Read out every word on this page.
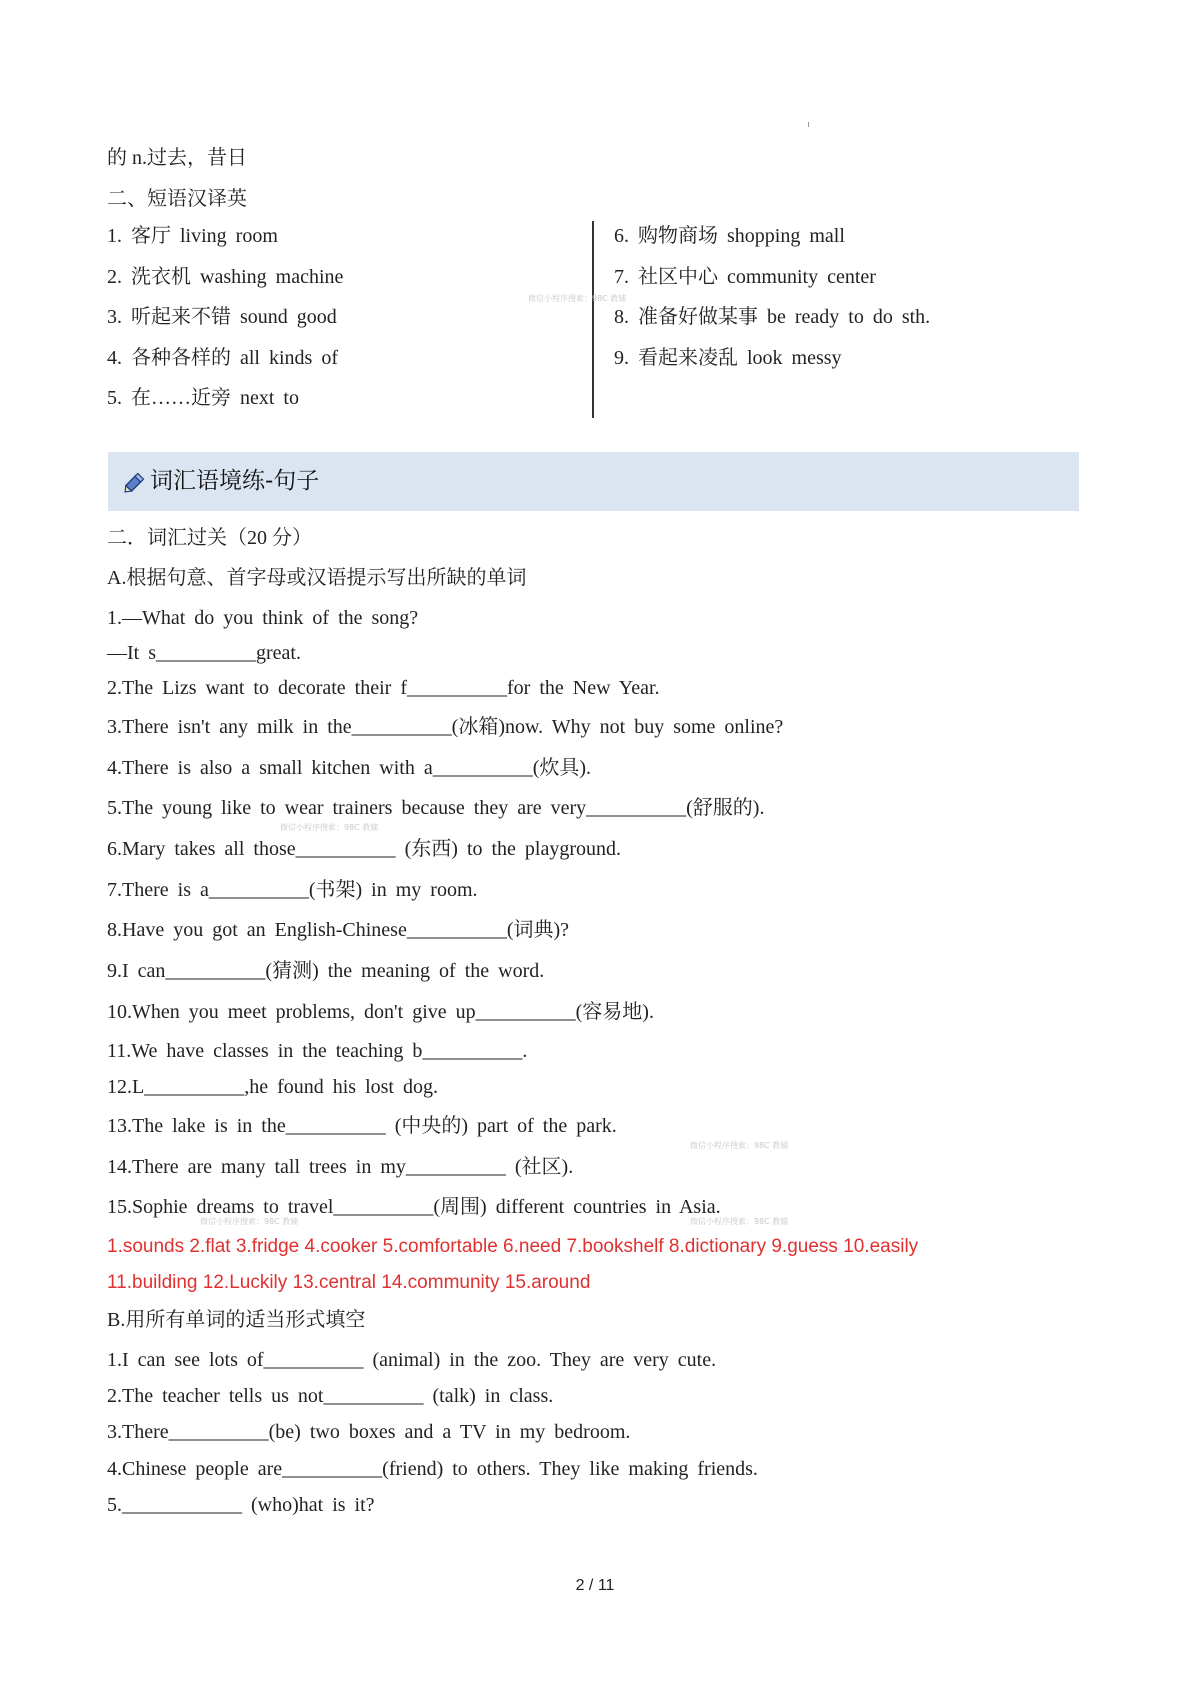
的 n.过去，昔日
二、短语汉译英
1. 客厅 living room
2. 洗衣机 washing machine
3. 听起来不错 sound good
4. 各种各样的 all kinds of
5. 在……近旁 next to
6. 购物商场 shopping mall
7. 社区中心 community center
8. 准备好做某事 be ready to do sth.
9. 看起来凌乱 look messy
词汇语境练-句子
二．词汇过关（20 分）
A.根据句意、首字母或汉语提示写出所缺的单词
1.—What do you think of the song?
—It s__________great.
2.The Lizs want to decorate their f__________for the New Year.
3.There isn't any milk in the__________(冰箱)now. Why not buy some online?
4.There is also a small kitchen with a__________(炊具).
5.The young like to wear trainers because they are very__________(舒服的).
6.Mary takes all those__________ (东西) to the playground.
7.There is a__________(书架) in my room.
8.Have you got an English-Chinese__________(词典)?
9.I can__________(猜测) the meaning of the word.
10.When you meet problems, don't give up__________(容易地).
11.We have classes in the teaching b__________.
12.L__________,he found his lost dog.
13.The lake is in the__________ (中央的) part of the park.
14.There are many tall trees in my__________ (社区).
15.Sophie dreams to travel__________(周围) different countries in Asia.
1.sounds 2.flat 3.fridge 4.cooker 5.comfortable 6.need 7.bookshelf 8.dictionary 9.guess 10.easily
11.building 12.Luckily 13.central 14.community 15.around
B.用所有单词的适当形式填空
1.I can see lots of__________ (animal) in the zoo. They are very cute.
2.The teacher tells us not__________ (talk) in class.
3.There__________(be) two boxes and a TV in my bedroom.
4.Chinese people are__________(friend) to others. They like making friends.
5.____________ (who)hat is it?
微信小程序搜索：98C 教辅
微信小程序搜索：98C 教辅
微信小程序搜索：98C 教辅
微信小程序搜索：98C 教辅	微信小程序搜索：98C 教辅
2 / 11
